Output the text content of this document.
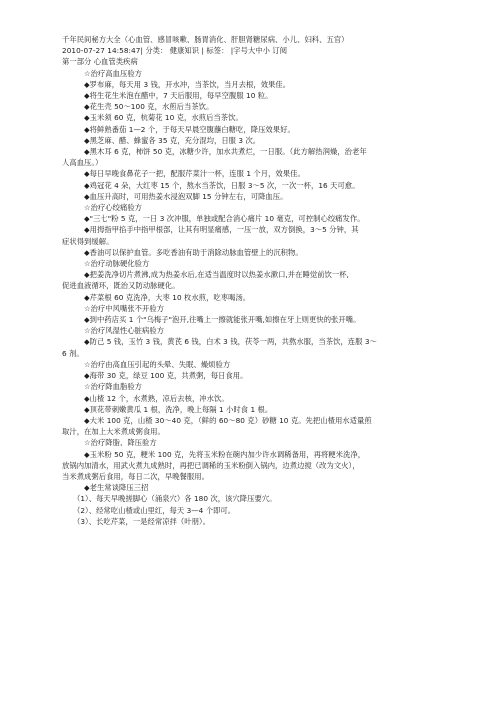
千年民间秘方大全（心血管、感冒咳嗽、肠胃消化、肝胆肾糖尿病、小儿、妇科、五官）
2010-07-27 14:58:47| 分类： 健康知识 | 标签： |字号大中小 订阅
第一部分 心血管类疾病
☆治疗高血压验方
◆罗布麻，每天用 3 钱，开水冲，当茶饮，当月去根，效果佳。
◆将生花生米泡在醋中，7 天后服用，每早空腹服 10 粒。
◆花生壳 50～100 克，水煎后当茶饮。
◆玉米须 60 克，杭菊花 10 克，水煎后当茶饮。
◆将鲜熟番茄 1—2 个，于每天早晨空腹蘸白糖吃，降压效果好。
◆黑芝麻、醋、蜂蜜各 35 克，充分混均，日服 3 次。
◆黑木耳 6 克，柿饼 50 克，冰糖少许，加水共煮烂，一日服。（此方解热润燥，治老年
人高血压。）
◆每日早晚食鼻花子一把，配服芹菜汁一杯，连服 1 个月，效果佳。
◆鸡冠花 4 朵，大红枣 15 个，熬水当茶饮，日服 3～5 次，一次一杯，16 天可愈。
◆血压升高时，可用热姜水浸泡双脚 15 分钟左右，可降血压。
☆治疗心绞痛验方
◆"三七"粉 5 克，一日 3 次冲服，单独或配合消心痛片 10 毫克，可控制心绞痛发作。
◆用拇指甲掐手中指甲根部，让其有明显痛感，一压一放，双方倒换，3～5 分钟，其
症状得到缓解。
◆香油可以保护血管。多吃香油有助于消除动脉血管壁上的沉积物。
☆治疗动脉硬化验方
◆把姜洗净切片煮沸,成为热姜水后,在适当温度时以热姜水漱口,并在睡觉前饮一杯,
促进血液循环，既治又防动脉硬化。
◆芹菜根 60 克洗净，大枣 10 枚水煎，吃枣喝汤。
☆治疗中风嘴张不开验方
◆到中药店买 1 个"乌梅子"泡开,往嘴上一擦就能张开嘴,如擦在牙上则更快的张开嘴。
☆治疗风湿性心脏病验方
◆防己 5 钱，玉竹 3 钱，黄芪 6 钱，白术 3 钱，茯苓一两，共熬水服，当茶饮，连服 3～
6 剂。
☆治疗由高血压引起的头晕、失眠、燥烦验方
◆海带 30 克，绿豆 100 克，共煮粥，每日食用。
☆治疗降血脂验方
◆山楂 12 个，水煮熟，凉后去核，冲水饮。
◆顶花带刺嫩黄瓜 1 根，洗净，晚上每隔 1 小时食 1 根。
◆大米 100 克，山楂 30～40 克，（鲜的 60～80 克）砂糖 10 克。先把山楂用水适量煎
取汁，在加上大米煮成粥食用。
☆治疗降脂、降压验方
◆玉米粉 50 克，粳米 100 克，先将玉米粉在碗内加少许水调稀备用，再将粳米洗净，
放锅内加清水，用武火煮九成熟时，再把已调稀的玉米粉倒入锅内，边煮边搅（改为文火），
当米煮成粥后食用，每日二次，早晚餐服用。
◆老生常谈降压三招
（1）、每天早晚搓脚心（涌泉穴）各 180 次，该穴降压要穴。
（2）、经常吃山楂或山里红，每天 3—4 个即可。
（3）、长吃芹菜，一是经常凉拌（叶朋）。
